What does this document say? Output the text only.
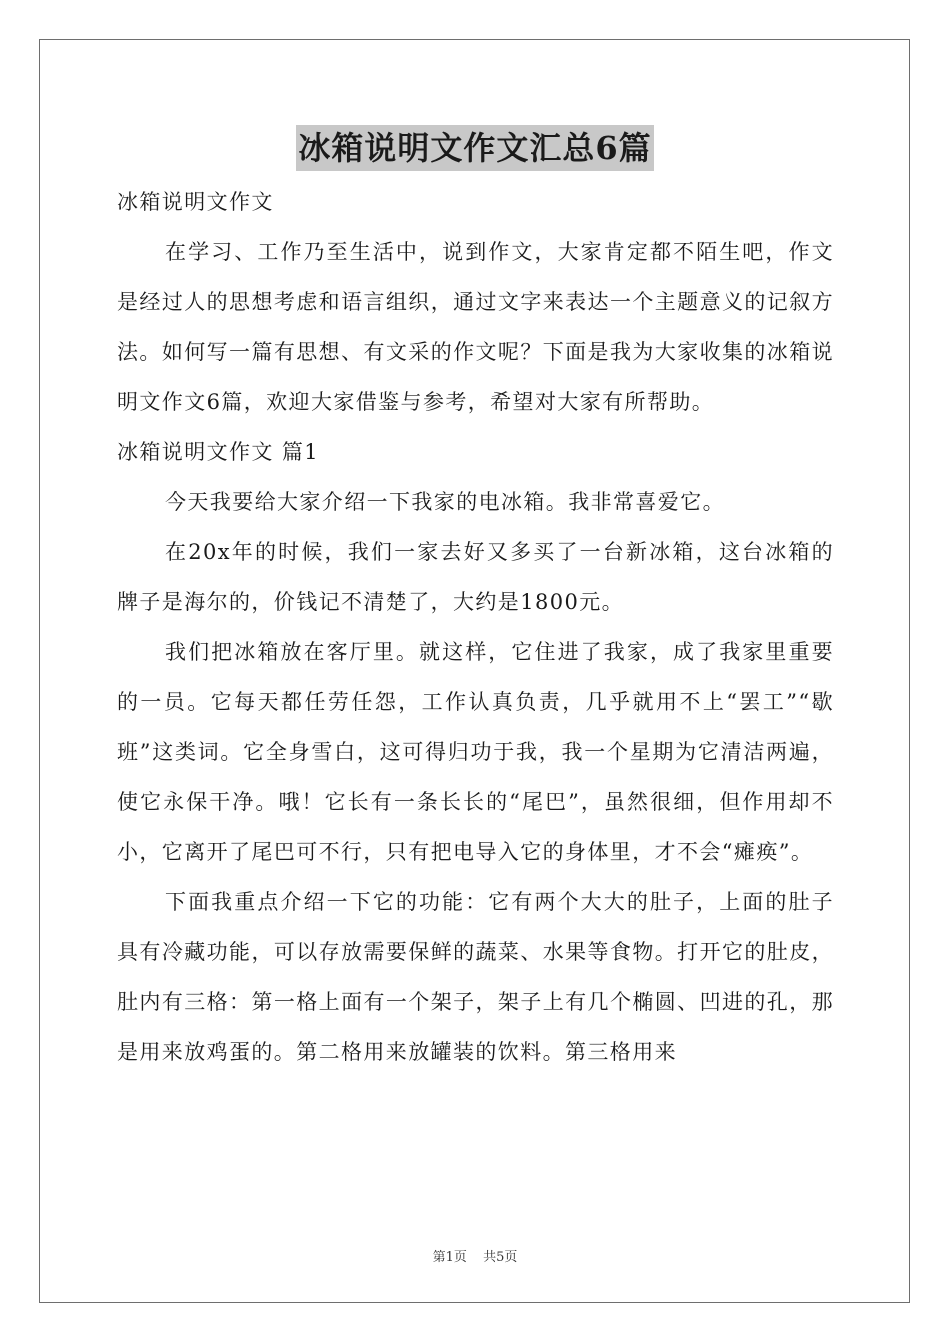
冰箱说明文作文汇总6篇

冰箱说明文作文

在学习、工作乃至生活中，说到作文，大家肯定都不陌生吧，作文是经过人的思想考虑和语言组织，通过文字来表达一个主题意义的记叙方法。如何写一篇有思想、有文采的作文呢？下面是我为大家收集的冰箱说明文作文6篇，欢迎大家借鉴与参考，希望对大家有所帮助。

冰箱说明文作文 篇1

今天我要给大家介绍一下我家的电冰箱。我非常喜爱它。

在20x年的时候，我们一家去好又多买了一台新冰箱，这台冰箱的牌子是海尔的，价钱记不清楚了，大约是1800元。

我们把冰箱放在客厅里。就这样，它住进了我家，成了我家里重要的一员。它每天都任劳任怨，工作认真负责，几乎就用不上“罢工”“歇班”这类词。它全身雪白，这可得归功于我，我一个星期为它清洁两遍，使它永保干净。哦！它长有一条长长的“尾巴”，虽然很细，但作用却不小，它离开了尾巴可不行，只有把电导入它的身体里，才不会“瘫痪”。

下面我重点介绍一下它的功能：它有两个大大的肚子，上面的肚子具有冷藏功能，可以存放需要保鲜的蔬菜、水果等食物。打开它的肚皮，肚内有三格：第一格上面有一个架子，架子上有几个椭圆、凹进的孔，那是用来放鸡蛋的。第二格用来放罐装的饮料。第三格用来

第1页 共5页
